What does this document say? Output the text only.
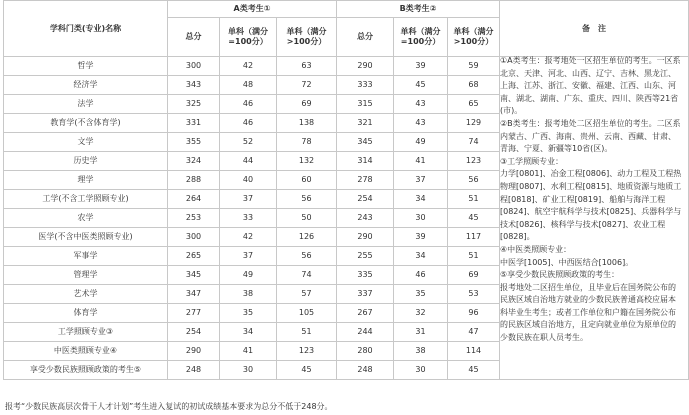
学科门类(专业)名称	A类考生①			B类考生②			备　注
	总分	单科（满分=100分）	单科（满分>100分）	总分	单科（满分=100分）	单科（满分>100分）	
哲学	300	42	63	290	39	59	
经济学	343	48	72	333	45	68	
法学	325	46	69	315	43	65	
教育学(不含体育学)	331	46	138	321	43	129	
文学	355	52	78	345	49	74	
历史学	324	44	132	314	41	123	
理学	288	40	60	278	37	56	
工学(不含工学照顾专业)	264	37	56	254	34	51	
农学	253	33	50	243	30	45	
医学(不含中医类照顾专业)	300	42	126	290	39	117	
军事学	265	37	56	255	34	51	
管理学	345	49	74	335	46	69	
艺术学	347	38	57	337	35	53	
体育学	277	35	105	267	32	96	
工学照顾专业③	254	34	51	244	31	47	
中医类照顾专业④	290	41	123	280	38	114	
享受少数民族照顾政策的考生⑤	248	30	45	248	30	45	

①A类考生：报考地处一区招生单位的考生。一区系北京、天津、河北、山西、辽宁、吉林、黑龙江、上海、江苏、浙江、安徽、福建、江西、山东、河南、湖北、湖南、广东、重庆、四川、陕西等21省(市)。

②B类考生：报考地处二区招生单位的考生。二区系内蒙古、广西、海南、贵州、云南、西藏、甘肃、青海、宁夏、新疆等10省(区)。

③工学照顾专业：

力学[0801]、冶金工程[0806]、动力工程及工程热物理[0807]、水利工程[0815]、地质资源与地质工程[0818]、矿业工程[0819]、船舶与海洋工程[0824]、航空宇航科学与技术[0825]、兵器科学与技术[0826]、核科学与技术[0827]、农业工程[0828]。

④中医类照顾专业：

中医学[1005]、中西医结合[1006]。

⑤享受少数民族照顾政策的考生：

报考地处二区招生单位，且毕业后在国务院公布的民族区域自治地方就业的少数民族普通高校应届本科毕业生考生；或者工作单位和户籍在国务院公布的民族区域自治地方，且定向就业单位为原单位的少数民族在职人员考生。

报考“少数民族高层次骨干人才计划”考生进入复试的初试成绩基本要求为总分不低于248分。
